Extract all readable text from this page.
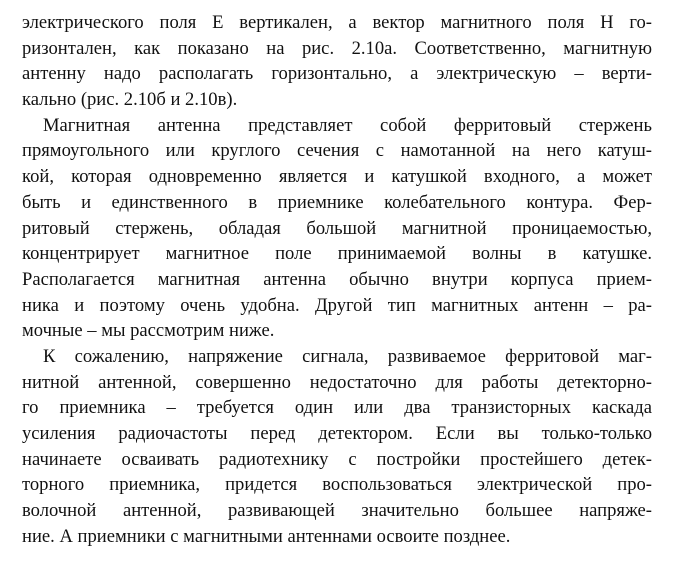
электрического поля E вертикален, а вектор магнитного поля H го-
ризонтален, как показано на рис. 2.10а. Соответственно, магнитную
антенну надо располагать горизонтально, а электрическую – верти-
кально (рис. 2.10б и 2.10в).
Магнитная антенна представляет собой ферритовый стержень
прямоугольного или круглого сечения с намотанной на него катуш-
кой, которая одновременно является и катушкой входного, а может
быть и единственного в приемнике колебательного контура. Фер-
ритовый стержень, обладая большой магнитной проницаемостью,
концентрирует магнитное поле принимаемой волны в катушке.
Располагается магнитная антенна обычно внутри корпуса прием-
ника и поэтому очень удобна. Другой тип магнитных антенн – ра-
мочные – мы рассмотрим ниже.
К сожалению, напряжение сигнала, развиваемое ферритовой маг-
нитной антенной, совершенно недостаточно для работы детекторно-
го приемника – требуется один или два транзисторных каскада
усиления радиочастоты перед детектором. Если вы только-только
начинаете осваивать радиотехнику с постройки простейшего детек-
торного приемника, придется воспользоваться электрической про-
волочной антенной, развивающей значительно большее напряже-
ние. А приемники с магнитными антеннами освоите позднее.
